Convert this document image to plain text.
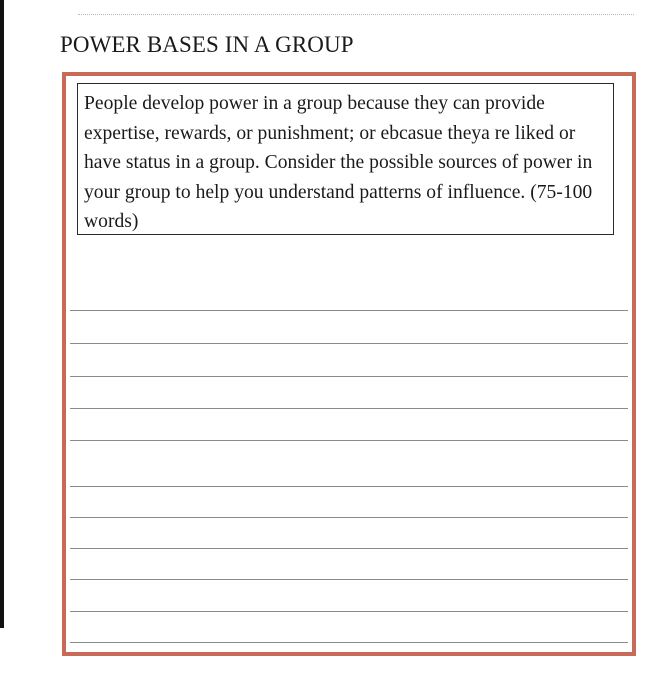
POWER BASES IN A GROUP
People develop power in a group because they can provide expertise, rewards, or punishment; or ebcasue theya re liked or have status in a group. Consider the possible sources of power in your group to help you understand patterns of influence. (75-100 words)
